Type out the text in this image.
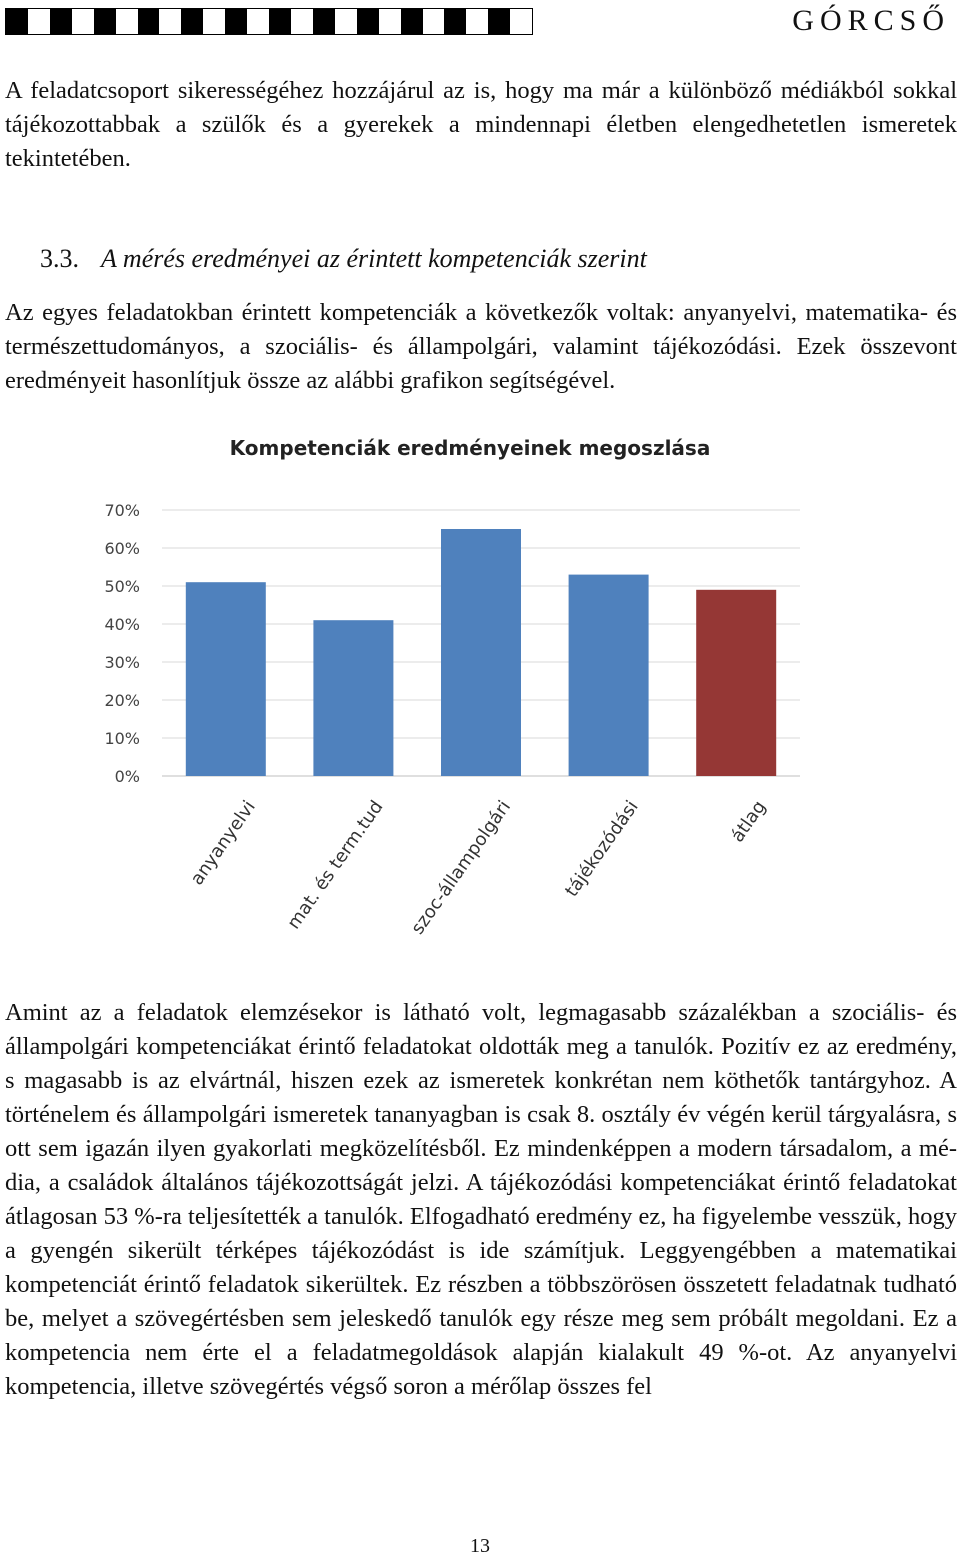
GÓRCSŐ

A feladatcsoport sikerességéhez hozzájárul az is, hogy ma már a különböző médiákból sokkal tájékozottabbak a szülők és a gyerekek a mindennapi életben elengedhetetlen ismeretek tekintetében.

3.3. A mérés eredményei az érintett kompetenciák szerint

Az egyes feladatokban érintett kompetenciák a következők voltak: anyanyelvi, matematika- és természettudományos, a szociális- és állampolgári, valamint tájékozódási. Ezek összevont eredményeit hasonlítjuk össze az alábbi grafikon segítségével.

Kompetenciák eredményeinek megoszlása
0%
10%
20%
30%
40%
50%
60%
70%
anyanyelvi mat. és term.tud szoc-állampolgári	tájékozódási	átlag

Amint az a feladatok elemzésekor is látható volt, legmagasabb százalékban a szociális- és állampolgári kompetenciákat érintő feladatokat oldották meg a tanulók. Pozitív ez az eredmény, s magasabb is az elvártnál, hiszen ezek az ismeretek konkrétan nem köthetők tantárgyhoz. A történelem és állampolgári ismeretek tananyagban is csak 8. osztály év végén kerül tárgyalásra, s ott sem igazán ilyen gyakorlati megközelítésből. Ez mindenképpen a modern társadalom, a média, a családok általános tájékozottságát jelzi. A tájékozódási kompetenciákat érintő feladatokat átlagosan 53 %-ra teljesítették a tanulók. Elfogadható eredmény ez, ha figyelembe vesszük, hogy a gyengén sikerült térképes tájékozódást is ide számítjuk. Leggyengébben a matematikai kompetenciát érintő feladatok sikerültek. Ez részben a többszörösen összetett feladatnak tudható be, melyet a szövegértésben sem jeleskedő tanulók egy része meg sem próbált megoldani. Ez a kompetencia nem érte el a feladatmegoldások alapján kialakult 49 %-ot. Az anyanyelvi kompetencia, illetve szövegértés végső soron a mérőlap összes fel

13
